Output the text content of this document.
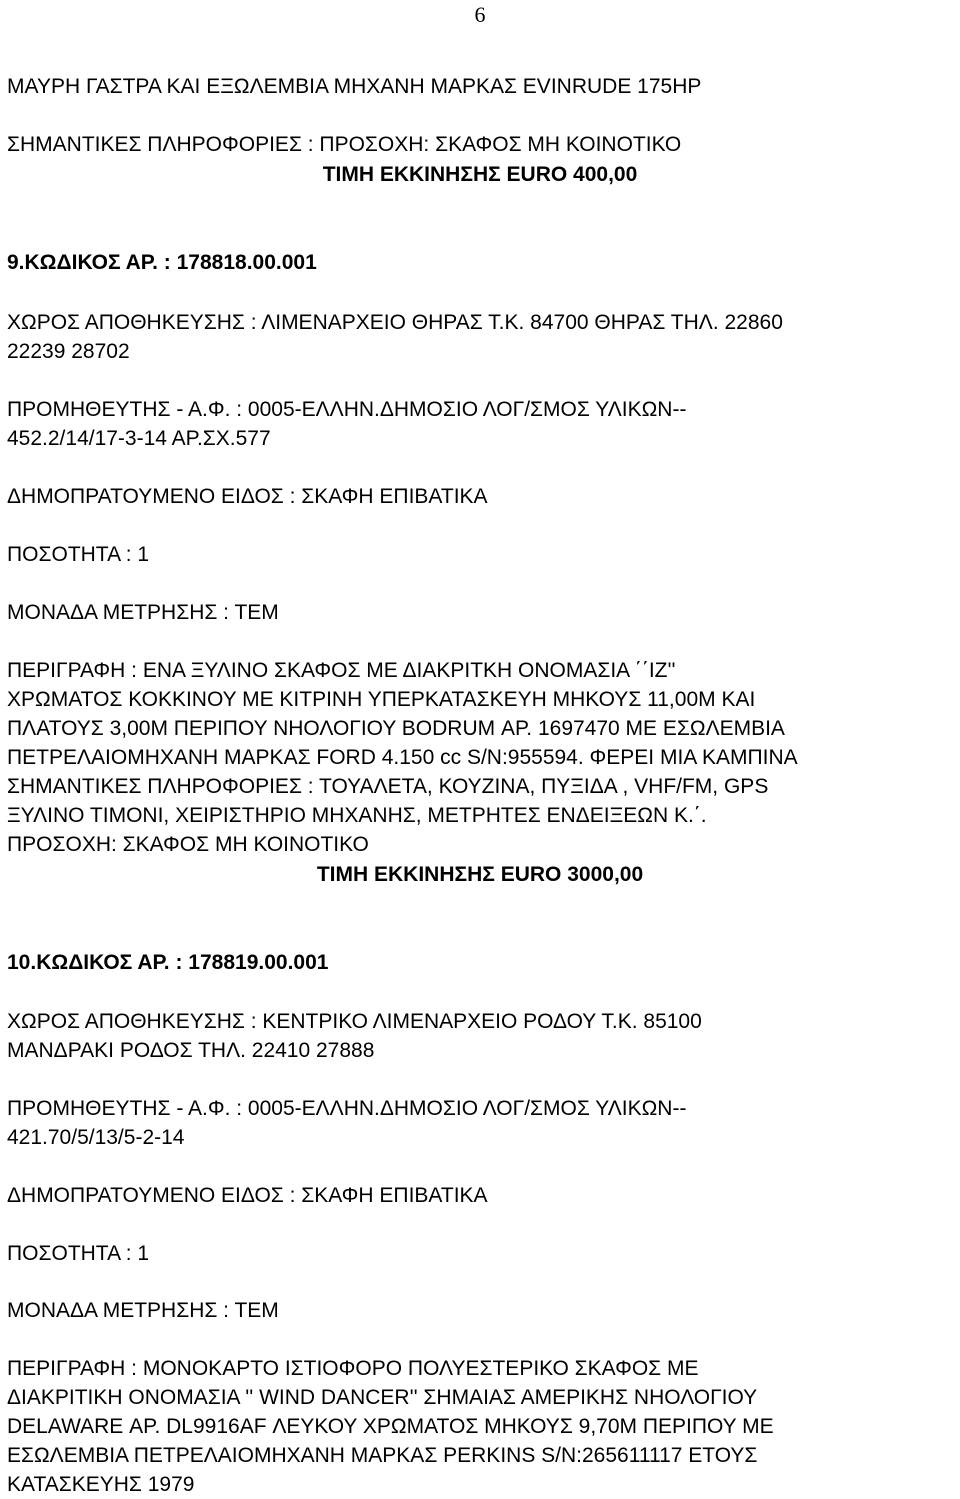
6
ΜΑΥΡΗ ΓΑΣΤΡΑ ΚΑΙ ΕΞΩΛΕΜΒΙΑ ΜΗΧΑΝΗ ΜΑΡΚΑΣ EVINRUDE 175HP
ΣΗΜΑΝΤΙΚΕΣ ΠΛΗΡΟΦΟΡΙΕΣ : ΠΡΟΣΟΧΗ: ΣΚΑΦΟΣ ΜΗ ΚΟΙΝΟΤΙΚΟ
ΤΙΜΗ ΕΚΚΙΝΗΣΗΣ EURO 400,00
9.ΚΩΔΙΚΟΣ ΑΡ. : 178818.00.001
ΧΩΡΟΣ ΑΠΟΘΗΚΕΥΣΗΣ : ΛΙΜΕΝΑΡΧΕΙΟ ΘΗΡΑΣ Τ.Κ. 84700 ΘΗΡΑΣ ΤΗΛ. 22860
22239 28702
ΠΡΟΜΗΘΕΥΤΗΣ - Α.Φ. : 0005-ΕΛΛΗΝ.ΔΗΜΟΣΙΟ ΛΟΓ/ΣΜΟΣ ΥΛΙΚΩΝ--
452.2/14/17-3-14 ΑΡ.ΣΧ.577
ΔΗΜΟΠΡΑΤΟΥΜΕΝΟ ΕΙΔΟΣ : ΣΚΑΦΗ ΕΠΙΒΑΤΙΚΑ
ΠΟΣΟΤΗΤΑ : 1
ΜΟΝΑΔΑ ΜΕΤΡΗΣΗΣ : ΤΕΜ
ΠΕΡΙΓΡΑΦΗ : ΕΝΑ ΞΥΛΙΝΟ ΣΚΑΦΟΣ ΜΕ ΔΙΑΚΡΙΤΚΗ ΟΝΟΜΑΣΙΑ ΄΄ΙΖ''
ΧΡΩΜΑΤΟΣ ΚΟΚΚΙΝΟΥ ΜΕ ΚΙΤΡΙΝΗ ΥΠΕΡΚΑΤΑΣΚΕΥΗ ΜΗΚΟΥΣ 11,00Μ ΚΑΙ
ΠΛΑΤΟΥΣ 3,00Μ ΠΕΡΙΠΟΥ ΝΗΟΛΟΓΙΟΥ BODRUM ΑΡ. 1697470 ΜΕ ΕΣΩΛΕΜΒΙΑ
ΠΕΤΡΕΛΑΙΟΜΗΧΑΝΗ ΜΑΡΚΑΣ FORD 4.150 cc S/N:955594. ΦΕΡΕΙ ΜΙΑ ΚΑΜΠΙΝΑ
ΣΗΜΑΝΤΙΚΕΣ ΠΛΗΡΟΦΟΡΙΕΣ : ΤΟΥΑΛΕΤΑ, ΚΟΥΖΙΝΑ, ΠΥΞΙΔΑ , VHF/FM, GPS
ΞΥΛΙΝΟ ΤΙΜΟΝΙ, ΧΕΙΡΙΣΤΗΡΙΟ ΜΗΧΑΝΗΣ, ΜΕΤΡΗΤΕΣ ΕΝΔΕΙΞΕΩΝ Κ.΄.
ΠΡΟΣΟΧΗ: ΣΚΑΦΟΣ ΜΗ ΚΟΙΝΟΤΙΚΟ
ΤΙΜΗ ΕΚΚΙΝΗΣΗΣ EURO 3000,00
10.ΚΩΔΙΚΟΣ ΑΡ. : 178819.00.001
ΧΩΡΟΣ ΑΠΟΘΗΚΕΥΣΗΣ : ΚΕΝΤΡΙΚΟ ΛΙΜΕΝΑΡΧΕΙΟ ΡΟΔΟΥ Τ.Κ. 85100
ΜΑΝΔΡΑΚΙ ΡΟΔΟΣ ΤΗΛ. 22410 27888
ΠΡΟΜΗΘΕΥΤΗΣ - Α.Φ. : 0005-ΕΛΛΗΝ.ΔΗΜΟΣΙΟ ΛΟΓ/ΣΜΟΣ ΥΛΙΚΩΝ--
421.70/5/13/5-2-14
ΔΗΜΟΠΡΑΤΟΥΜΕΝΟ ΕΙΔΟΣ : ΣΚΑΦΗ ΕΠΙΒΑΤΙΚΑ
ΠΟΣΟΤΗΤΑ : 1
ΜΟΝΑΔΑ ΜΕΤΡΗΣΗΣ : ΤΕΜ
ΠΕΡΙΓΡΑΦΗ : ΜΟΝΟΚΑΡΤΟ ΙΣΤΙΟΦΟΡΟ ΠΟΛΥΕΣΤΕΡΙΚΟ ΣΚΑΦΟΣ ΜΕ
ΔΙΑΚΡΙΤΙΚΗ ΟΝΟΜΑΣΙΑ '' WIND DANCER'' ΣΗΜΑΙΑΣ ΑΜΕΡΙΚΗΣ ΝΗΟΛΟΓΙΟΥ
DELAWARE ΑΡ. DL9916AF ΛΕΥΚΟΥ ΧΡΩΜΑΤΟΣ ΜΗΚΟΥΣ 9,70Μ ΠΕΡΙΠΟΥ ΜΕ
ΕΣΩΛΕΜΒΙΑ ΠΕΤΡΕΛΑΙΟΜΗΧΑΝΗ ΜΑΡΚΑΣ PERKINS S/N:265611117 ΕΤΟΥΣ
ΚΑΤΑΣΚΕΥΗΣ 1979
